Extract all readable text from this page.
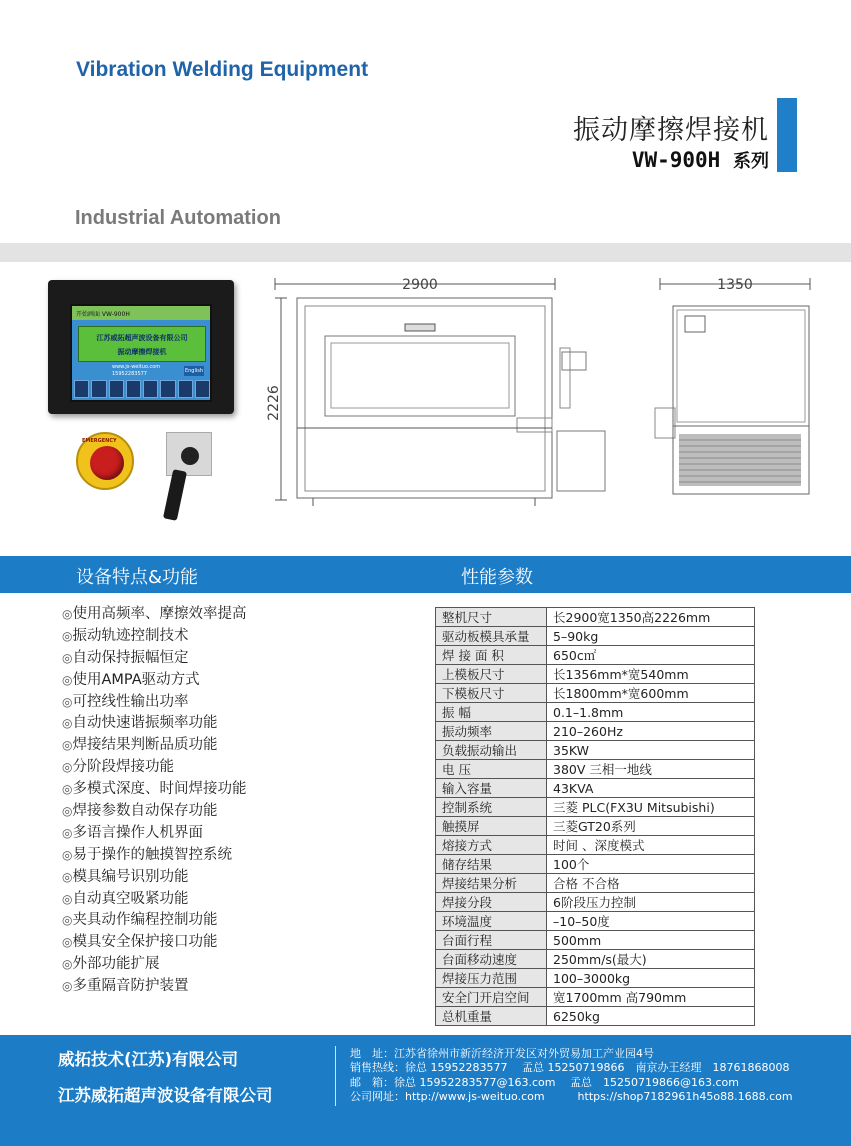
Vibration Welding Equipment
振动摩擦焊接机
VW-900H 系列
Industrial Automation
开始画面 VW-900H
江苏威拓超声波设备有限公司
振动摩擦焊接机
www.js-weituo.com
15952283577	English
EMERGENCY
2900
2226
1350
设备特点&功能	性能参数
◎使用高频率、摩擦效率提高
◎振动轨迹控制技术
◎自动保持振幅恒定
◎使用AMPA驱动方式
◎可控线性输出功率
◎自动快速谐振频率功能
◎焊接结果判断品质功能
◎分阶段焊接功能
◎多模式深度、时间焊接功能
◎焊接参数自动保存功能
◎多语言操作人机界面
◎易于操作的触摸智控系统
◎模具编号识别功能
◎自动真空吸紧功能
◎夹具动作编程控制功能
◎模具安全保护接口功能
◎外部功能扩展
◎多重隔音防护装置
整机尺寸	长2900宽1350高2226mm
驱动板模具承量	5–90kg
焊 接 面 积	650c㎡
上模板尺寸	长1356mm*宽540mm
下模板尺寸	长1800mm*宽600mm
振 幅	0.1–1.8mm
振动频率	210–260Hz
负载振动输出	35KW
电 压	380V 三相一地线
输入容量	43KVA
控制系统	三菱 PLC(FX3U Mitsubishi)
触摸屏	三菱GT20系列
熔接方式	时间 、深度模式
储存结果	100个
焊接结果分析	合格 不合格
焊接分段	6阶段压力控制
环境温度	–10–50度
台面行程	500mm
台面移动速度	250mm/s(最大)
焊接压力范围	100–3000kg
安全门开启空间	宽1700mm 高790mm
总机重量	6250kg
威拓技术(江苏)有限公司
江苏威拓超声波设备有限公司
地　址：江苏省徐州市新沂经济开发区对外贸易加工产业园4号
销售热线：徐总 15952283577　 孟总 15250719866　南京办王经理　18761868008
邮　箱：徐总 15952283577@163.com　 孟总　15250719866@163.com
公司网址：http://www.js-weituo.com　　　https://shop7182961h45o88.1688.com
